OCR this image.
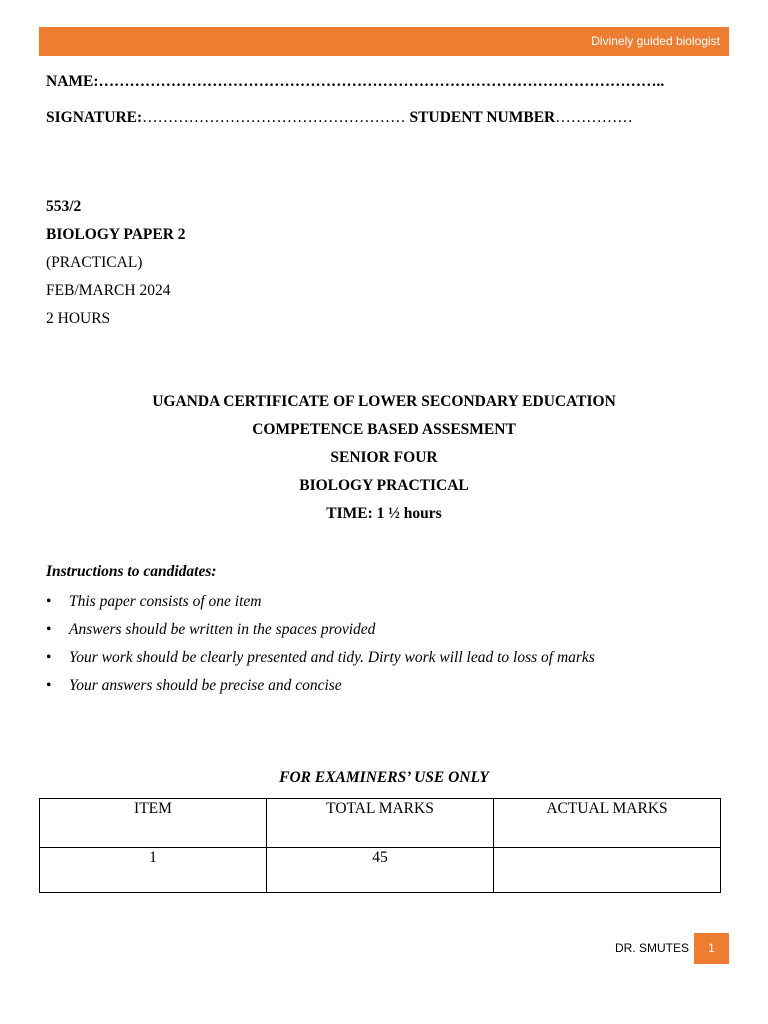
Divinely guided biologist
NAME:………………………………………………………………………………………………..
SIGNATURE:…………………………………………… STUDENT NUMBER……………
553/2
BIOLOGY PAPER 2
(PRACTICAL)
FEB/MARCH 2024
2 HOURS
UGANDA CERTIFICATE OF LOWER SECONDARY EDUCATION
COMPETENCE BASED ASSESMENT
SENIOR FOUR
BIOLOGY PRACTICAL
TIME: 1 ½ hours
Instructions to candidates:
• This paper consists of one item
• Answers should be written in the spaces provided
• Your work should be clearly presented and tidy. Dirty work will lead to loss of marks
• Your answers should be precise and concise
FOR EXAMINERS’ USE ONLY
ITEM	TOTAL MARKS	ACTUAL MARKS
1	45	
DR. SMUTES	1
